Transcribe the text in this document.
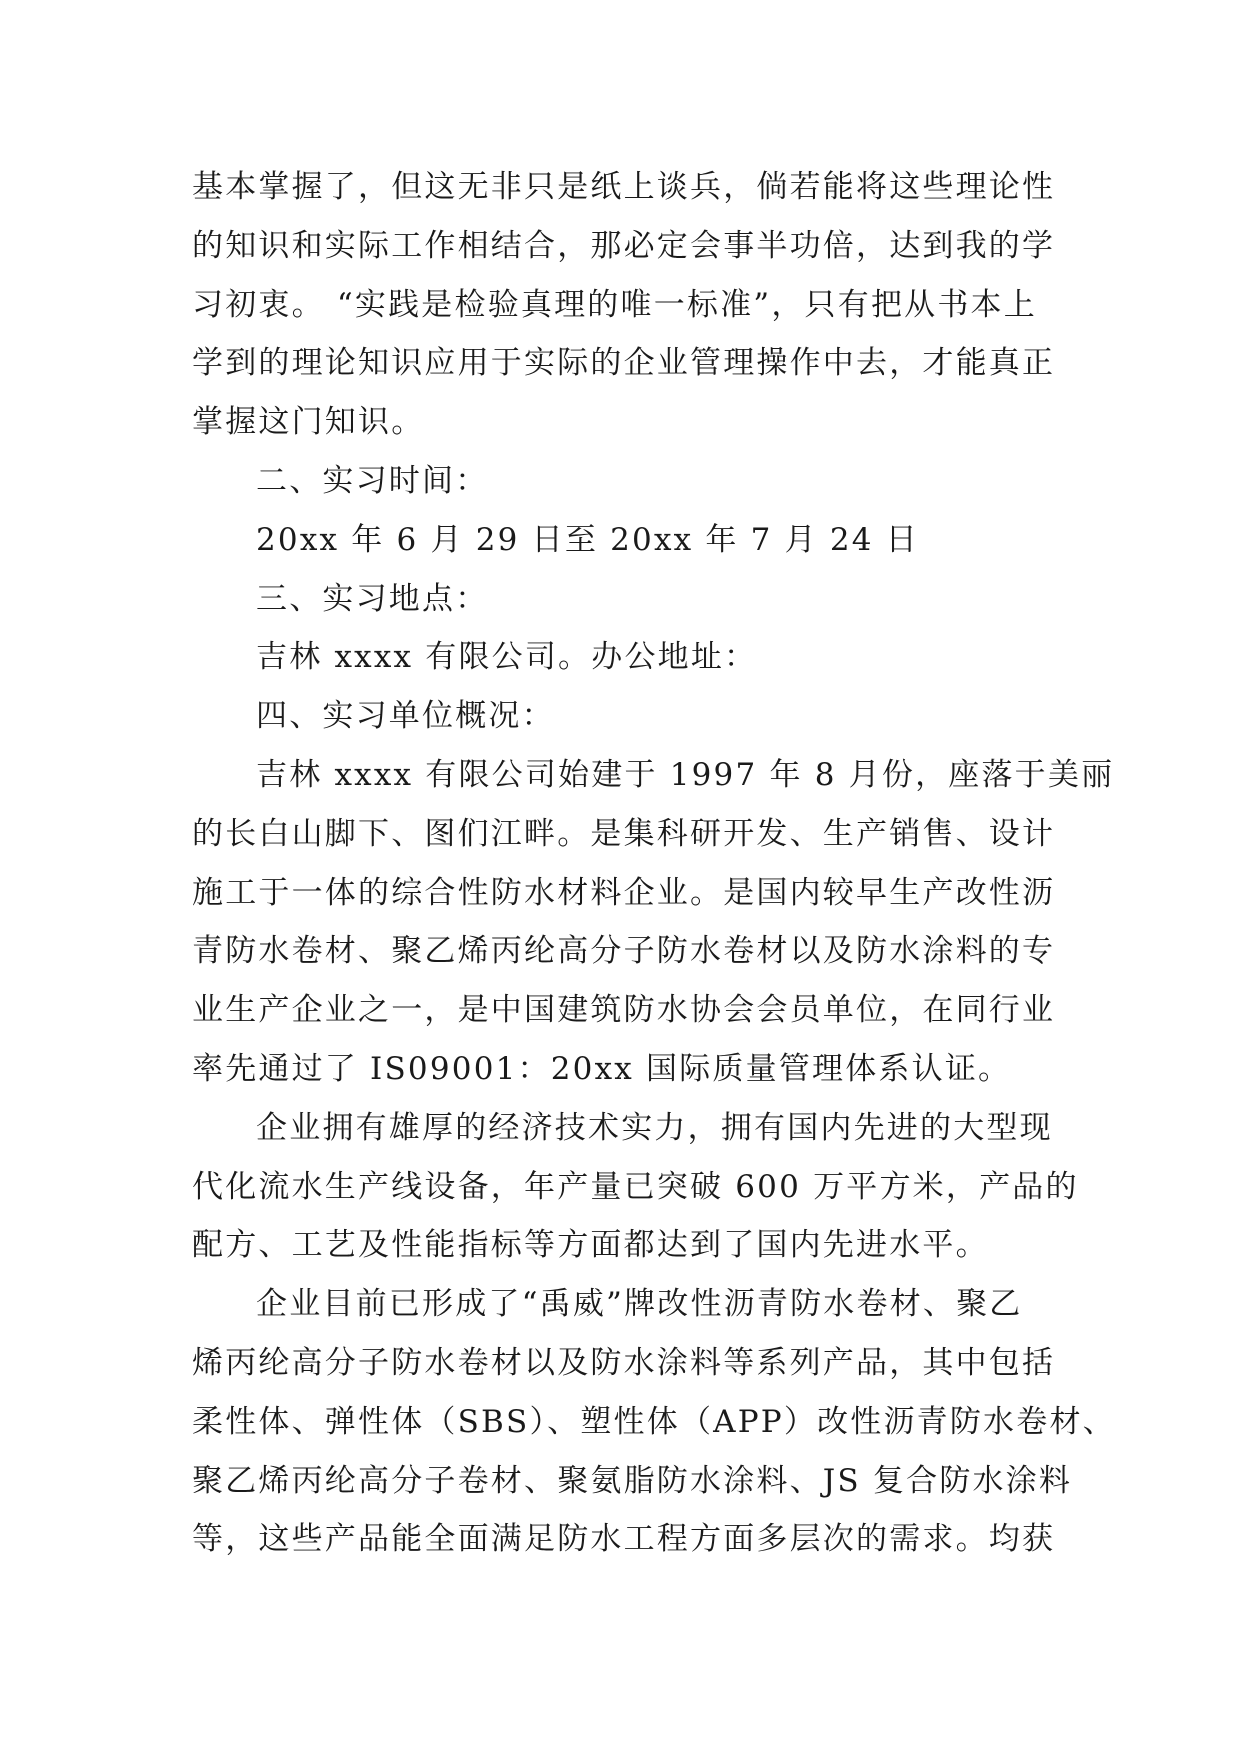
基本掌握了，但这无非只是纸上谈兵，倘若能将这些理论性
的知识和实际工作相结合，那必定会事半功倍，达到我的学
习初衷。 “实践是检验真理的唯一标准”，只有把从书本上
学到的理论知识应用于实际的企业管理操作中去，才能真正
掌握这门知识。
二、实习时间：
20xx 年 6 月 29 日至 20xx 年 7 月 24 日
三、实习地点：
吉林 xxxx 有限公司。办公地址：
四、实习单位概况：
吉林 xxxx 有限公司始建于 1997 年 8 月份，座落于美丽
的长白山脚下、图们江畔。是集科研开发、生产销售、设计
施工于一体的综合性防水材料企业。是国内较早生产改性沥
青防水卷材、聚乙烯丙纶高分子防水卷材以及防水涂料的专
业生产企业之一，是中国建筑防水协会会员单位，在同行业
率先通过了 IS09001：20xx 国际质量管理体系认证。
企业拥有雄厚的经济技术实力，拥有国内先进的大型现
代化流水生产线设备，年产量已突破 600 万平方米，产品的
配方、工艺及性能指标等方面都达到了国内先进水平。
企业目前已形成了“禹威”牌改性沥青防水卷材、聚乙
烯丙纶高分子防水卷材以及防水涂料等系列产品，其中包括
柔性体、弹性体（SBS）、塑性体（APP）改性沥青防水卷材、
聚乙烯丙纶高分子卷材、聚氨脂防水涂料、JS 复合防水涂料
等，这些产品能全面满足防水工程方面多层次的需求。均获
